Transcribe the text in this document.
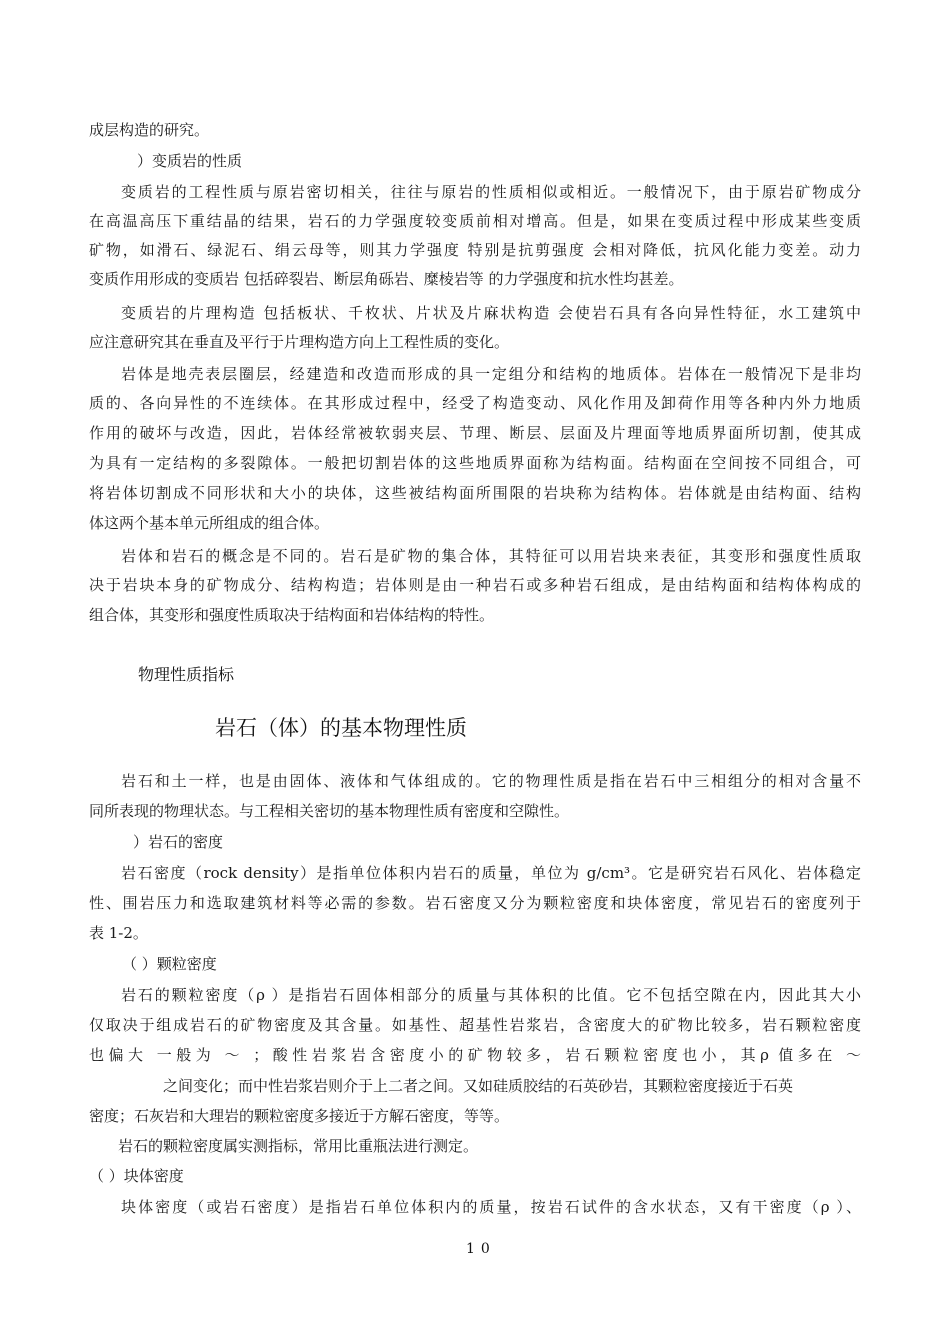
成层构造的研究。
）变质岩的性质
变质岩的工程性质与原岩密切相关，往往与原岩的性质相似或相近。一般情况下，由于原岩矿物成分
在高温高压下重结晶的结果，岩石的力学强度较变质前相对增高。但是，如果在变质过程中形成某些变质
矿物，如滑石、绿泥石、绢云母等，则其力学强度 特别是抗剪强度 会相对降低，抗风化能力变差。动力
变质作用形成的变质岩 包括碎裂岩、断层角砾岩、糜棱岩等 的力学强度和抗水性均甚差。
变质岩的片理构造 包括板状、千枚状、片状及片麻状构造 会使岩石具有各向异性特征，水工建筑中
应注意研究其在垂直及平行于片理构造方向上工程性质的变化。
岩体是地壳表层圈层，经建造和改造而形成的具一定组分和结构的地质体。岩体在一般情况下是非均
质的、各向异性的不连续体。在其形成过程中，经受了构造变动、风化作用及卸荷作用等各种内外力地质
作用的破坏与改造，因此，岩体经常被软弱夹层、节理、断层、层面及片理面等地质界面所切割，使其成
为具有一定结构的多裂隙体。一般把切割岩体的这些地质界面称为结构面。结构面在空间按不同组合，可
将岩体切割成不同形状和大小的块体，这些被结构面所围限的岩块称为结构体。岩体就是由结构面、结构
体这两个基本单元所组成的组合体。
岩体和岩石的概念是不同的。岩石是矿物的集合体，其特征可以用岩块来表征，其变形和强度性质取
决于岩块本身的矿物成分、结构构造；岩体则是由一种岩石或多种岩石组成，是由结构面和结构体构成的
组合体，其变形和强度性质取决于结构面和岩体结构的特性。
物理性质指标
岩石（体）的基本物理性质
岩石和土一样，也是由固体、液体和气体组成的。它的物理性质是指在岩石中三相组分的相对含量不
同所表现的物理状态。与工程相关密切的基本物理性质有密度和空隙性。
）岩石的密度
岩石密度（rock density）是指单位体积内岩石的质量，单位为 g/cm³。它是研究岩石风化、岩体稳定
性、围岩压力和选取建筑材料等必需的参数。岩石密度又分为颗粒密度和块体密度，常见岩石的密度列于
表 1-2。
（ ）颗粒密度
岩石的颗粒密度（ρ ）是指岩石固体相部分的质量与其体积的比值。它不包括空隙在内，因此其大小
仅取决于组成岩石的矿物密度及其含量。如基性、超基性岩浆岩，含密度大的矿物比较多，岩石颗粒密度
也偏大 一般为 ～ ；酸性岩浆岩含密度小的矿物较多，岩石颗粒密度也小，其ρ 值多在 ～
之间变化；而中性岩浆岩则介于上二者之间。又如硅质胶结的石英砂岩，其颗粒密度接近于石英
密度；石灰岩和大理岩的颗粒密度多接近于方解石密度，等等。
岩石的颗粒密度属实测指标，常用比重瓶法进行测定。
（ ）块体密度
块体密度（或岩石密度）是指岩石单位体积内的质量，按岩石试件的含水状态，又有干密度（ρ ）、
10
